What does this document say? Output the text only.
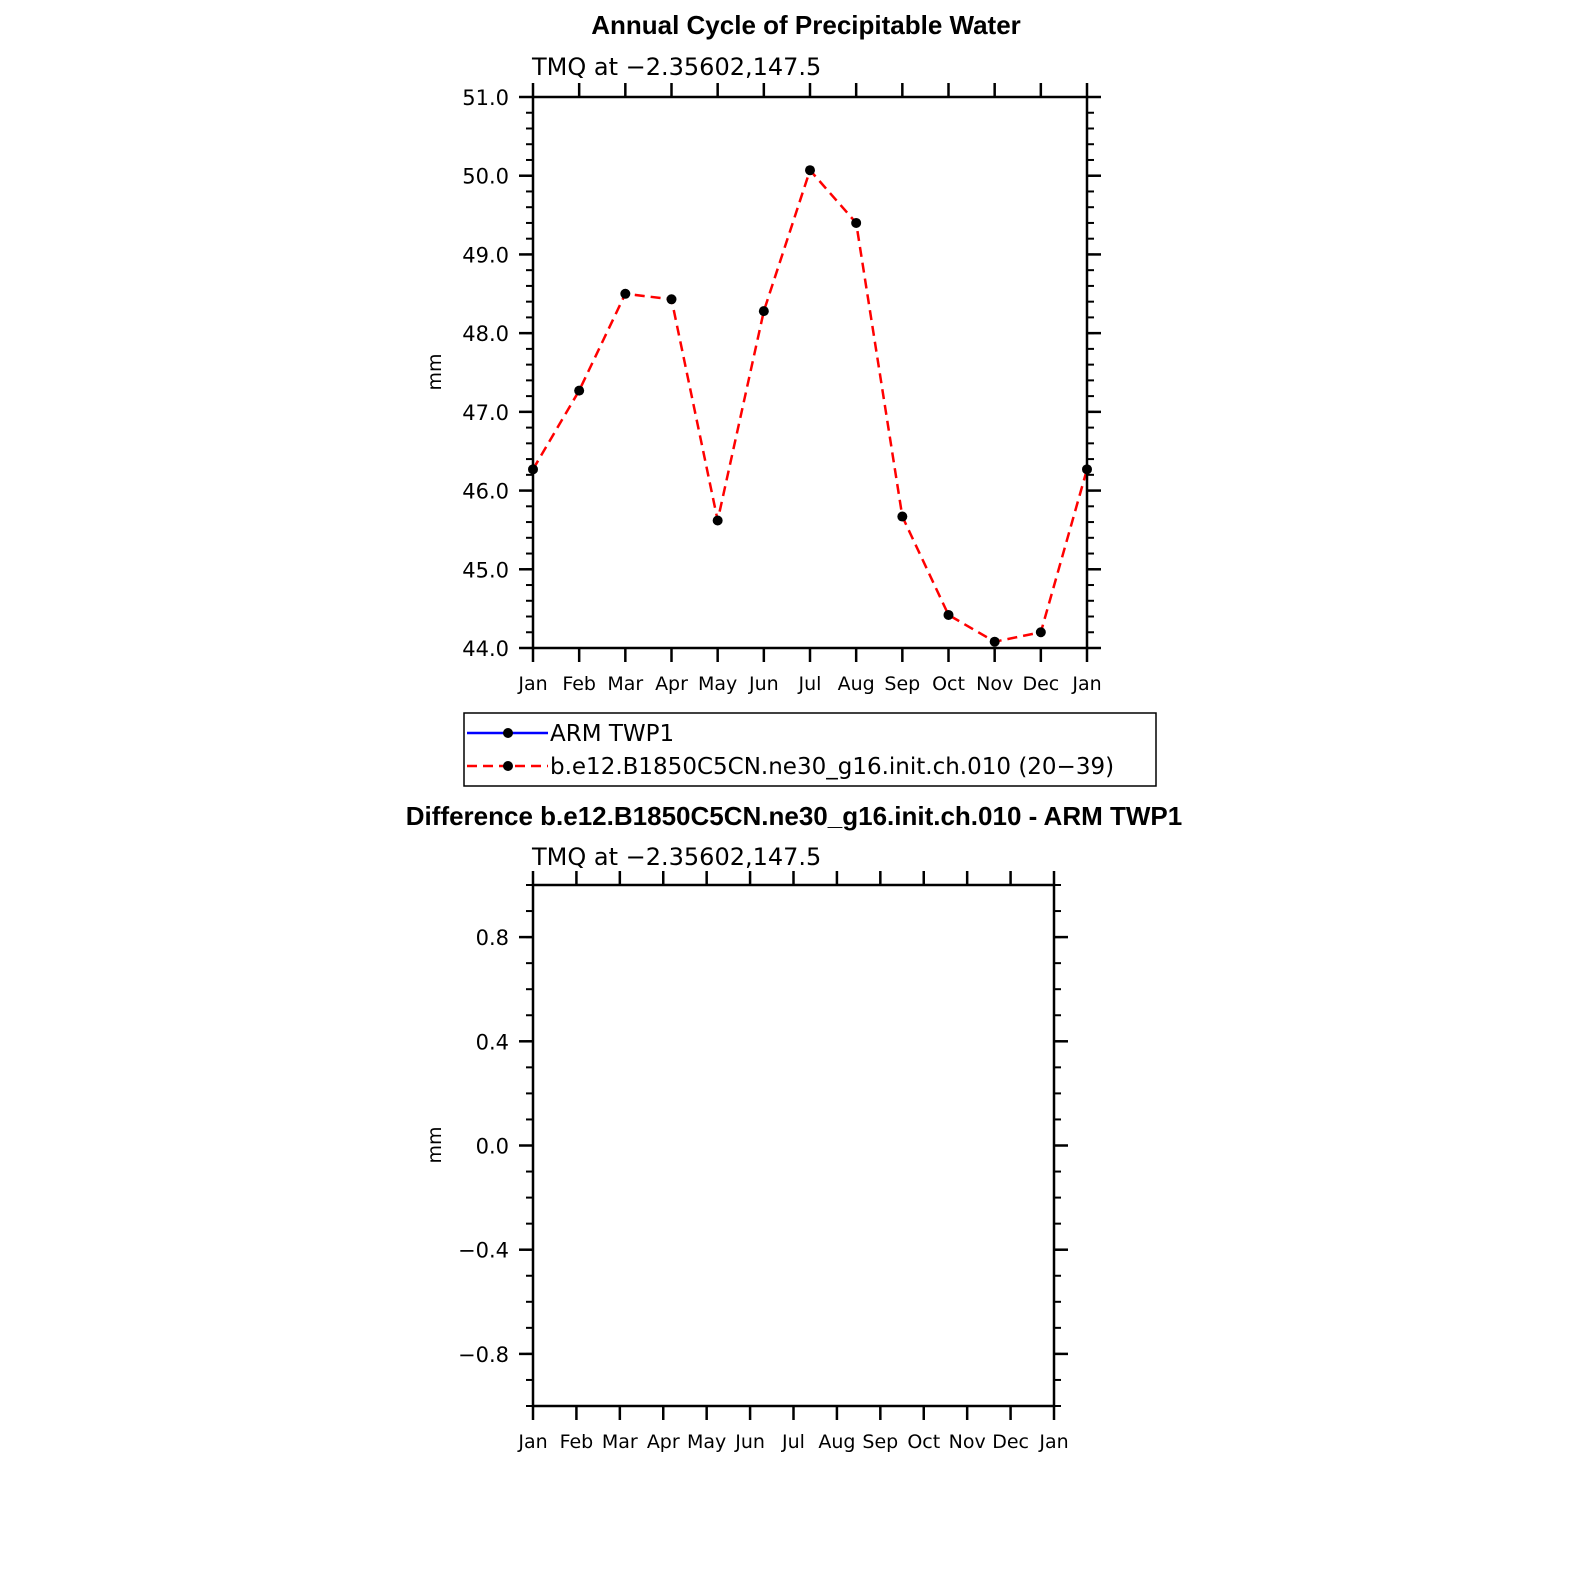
Annual Cycle of Precipitable Water
TMQ at −2.35602,147.5
mm
44.0
45.0
46.0
47.0
48.0
49.0
50.0
51.0
Jan Feb Mar Apr May Jun Jul Aug Sep Oct Nov Dec Jan
ARM TWP1
b.e12.B1850C5CN.ne30_g16.init.ch.010 (20−39)
Difference b.e12.B1850C5CN.ne30_g16.init.ch.010 - ARM TWP1
TMQ at −2.35602,147.5
mm
−0.8
−0.4
0.0
0.4
0.8
Jan Feb Mar Apr May Jun Jul Aug Sep Oct Nov Dec Jan
